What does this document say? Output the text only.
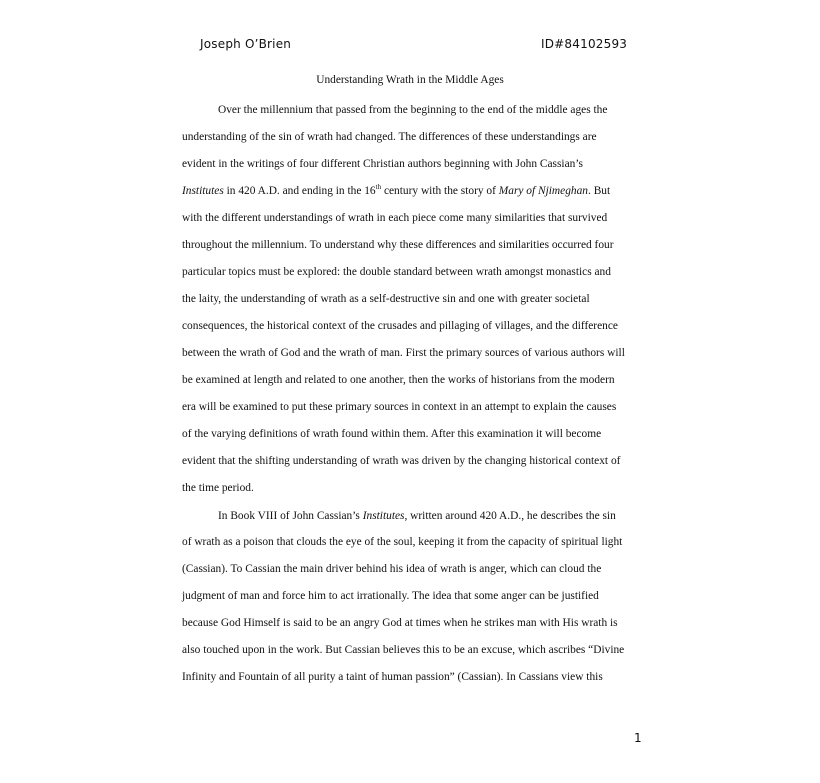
Joseph O’Brien	ID#84102593
Understanding Wrath in the Middle Ages
Over the millennium that passed from the beginning to the end of the middle ages the
understanding of the sin of wrath had changed. The differences of these understandings are
evident in the writings of four different Christian authors beginning with John Cassian’s
Institutes in 420 A.D. and ending in the 16th century with the story of Mary of Njimeghan. But
with the different understandings of wrath in each piece come many similarities that survived
throughout the millennium. To understand why these differences and similarities occurred four
particular topics must be explored: the double standard between wrath amongst monastics and
the laity, the understanding of wrath as a self-destructive sin and one with greater societal
consequences, the historical context of the crusades and pillaging of villages, and the difference
between the wrath of God and the wrath of man. First the primary sources of various authors will
be examined at length and related to one another, then the works of historians from the modern
era will be examined to put these primary sources in context in an attempt to explain the causes
of the varying definitions of wrath found within them. After this examination it will become
evident that the shifting understanding of wrath was driven by the changing historical context of
the time period.
In Book VIII of John Cassian’s Institutes, written around 420 A.D., he describes the sin
of wrath as a poison that clouds the eye of the soul, keeping it from the capacity of spiritual light
(Cassian). To Cassian the main driver behind his idea of wrath is anger, which can cloud the
judgment of man and force him to act irrationally. The idea that some anger can be justified
because God Himself is said to be an angry God at times when he strikes man with His wrath is
also touched upon in the work. But Cassian believes this to be an excuse, which ascribes “Divine
Infinity and Fountain of all purity a taint of human passion” (Cassian). In Cassians view this
1
